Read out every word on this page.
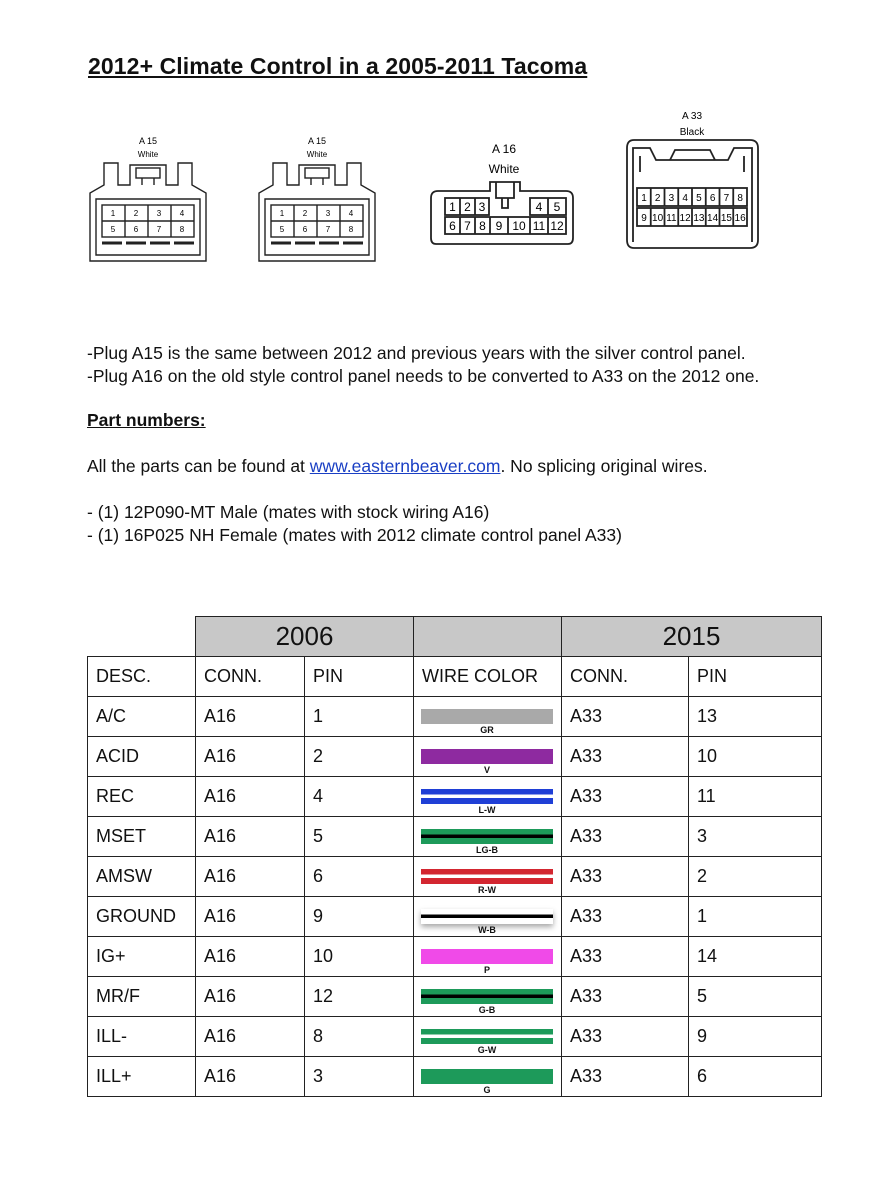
2012+ Climate Control in a 2005-2011 Tacoma
A 15
White
1 2 3 4
5 6 7 8
A 15
White
1 2 3 4
5 6 7 8
A 16
White
1 2 3	4 5
6 7 8 9 10 11 12
A 33
Black
1 2 3 4 5 6 7 8
9 10 11 12 13 14 15 16

-Plug A15 is the same between 2012 and previous years with the silver control panel.

-Plug A16 on the old style control panel needs to be converted to A33 on the 2012 one.

Part numbers:

All the parts can be found at www.easternbeaver.com. No splicing original wires.

- (1) 12P090-MT Male (mates with stock wiring A16)

- (1) 16P025 NH Female (mates with 2012 climate control panel A33)

	2006			2015	
DESC.	CONN.	PIN	WIRE COLOR	CONN.	PIN
A/C	A16	1	GR	A33	13
ACID	A16	2	V	A33	10
REC	A16	4	L-W	A33	11
MSET	A16	5	LG-B	A33	3
AMSW	A16	6	R-W	A33	2
GROUND	A16	9	W-B	A33	1
IG+	A16	10	P	A33	14
MR/F	A16	12	G-B	A33	5
ILL-	A16	8	G-W	A33	9
ILL+	A16	3	G	A33	6
